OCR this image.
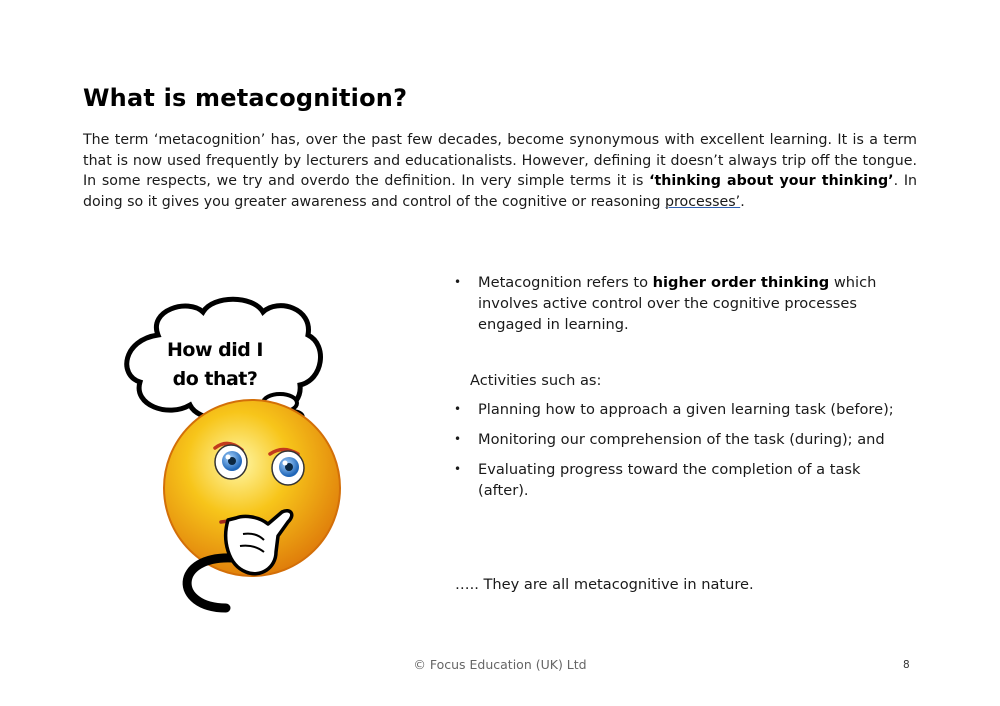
What is metacognition?

The term ‘metacognition’ has, over the past few decades, become synonymous with excellent learning. It is a term that is now used frequently by lecturers and educationalists. However, defining it doesn’t always trip off the tongue. In some respects, we try and overdo the definition. In very simple terms it is ‘thinking about your thinking’. In doing so it gives you greater awareness and control of the cognitive or reasoning processes’.

How did I
do that?

• Metacognition refers to higher order thinking which involves active control over the cognitive processes engaged in learning.

Activities such as:

• Planning how to approach a given learning task (before);

• Monitoring our comprehension of the task (during); and

• Evaluating progress toward the completion of a task (after).

….. They are all metacognitive in nature.

© Focus Education (UK) Ltd	8
